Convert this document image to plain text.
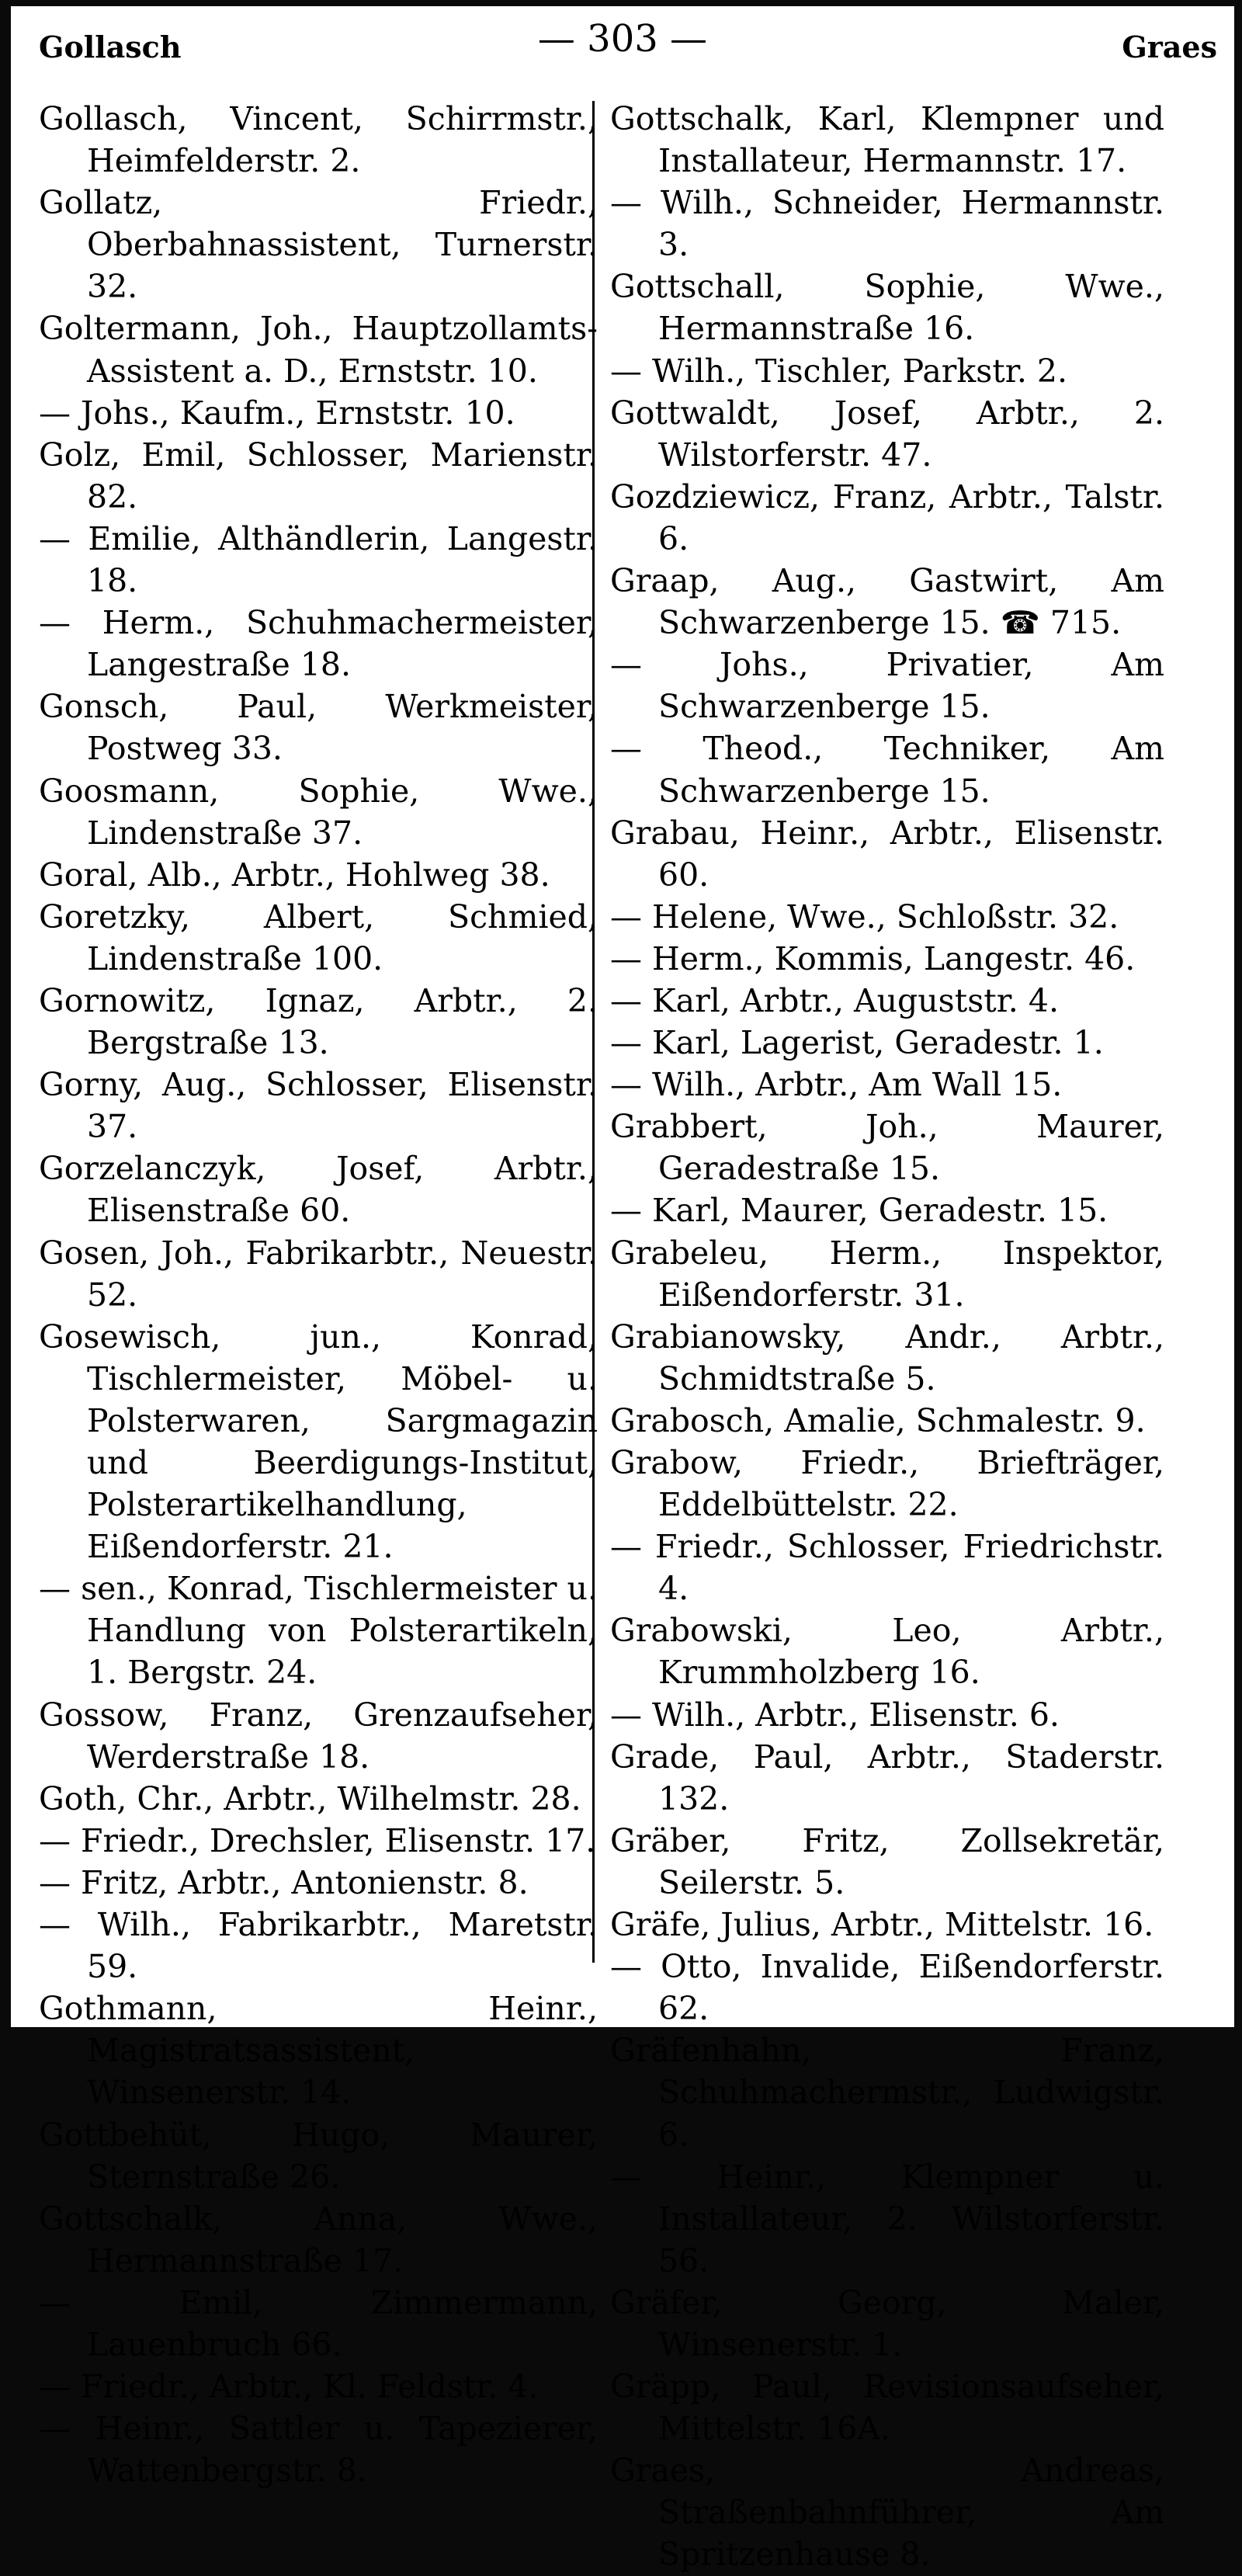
Gollasch	— 303 —	Graes

Gollasch, Vincent, Schirrmstr., Heimfelderstr. 2.

Gollatz, Friedr., Oberbahnassistent, Turnerstr. 32.

Goltermann, Joh., Hauptzollamts-Assistent a. D., Ernststr. 10.

— Johs., Kaufm., Ernststr. 10.

Golz, Emil, Schlosser, Marienstr. 82.

— Emilie, Althändlerin, Langestr. 18.

— Herm., Schuhmachermeister, Langestraße 18.

Gonsch, Paul, Werkmeister, Postweg 33.

Goosmann, Sophie, Wwe., Lindenstraße 37.

Goral, Alb., Arbtr., Hohlweg 38.

Goretzky, Albert, Schmied, Lindenstraße 100.

Gornowitz, Ignaz, Arbtr., 2. Bergstraße 13.

Gorny, Aug., Schlosser, Elisenstr. 37.

Gorzelanczyk, Josef, Arbtr., Elisenstraße 60.

Gosen, Joh., Fabrikarbtr., Neuestr. 52.

Gosewisch, jun., Konrad, Tischlermeister, Möbel- u. Polsterwaren, Sargmagazin und Beerdigungs-Institut, Polsterartikelhandlung, Eißendorferstr. 21.

— sen., Konrad, Tischlermeister u. Handlung von Polsterartikeln, 1. Bergstr. 24.

Gossow, Franz, Grenzaufseher, Werderstraße 18.

Goth, Chr., Arbtr., Wilhelmstr. 28.

— Friedr., Drechsler, Elisenstr. 17.

— Fritz, Arbtr., Antonienstr. 8.

— Wilh., Fabrikarbtr., Maretstr. 59.

Gothmann, Heinr., Magistratsassistent, Winsenerstr. 14.

Gottbehüt, Hugo, Maurer, Sternstraße 26.

Gottschalk, Anna, Wwe., Hermannstraße 17.

— Emil, Zimmermann, Lauenbruch 66.

— Friedr., Arbtr., Kl. Feldstr. 4.

— Heinr., Sattler u. Tapezierer, Wattenbergstr. 8.

Gottschalk, Karl, Klempner und Installateur, Hermannstr. 17.

— Wilh., Schneider, Hermannstr. 3.

Gottschall, Sophie, Wwe., Hermannstraße 16.

— Wilh., Tischler, Parkstr. 2.

Gottwaldt, Josef, Arbtr., 2. Wilstorferstr. 47.

Gozdziewicz, Franz, Arbtr., Talstr. 6.

Graap, Aug., Gastwirt, Am Schwarzenberge 15. ☎ 715.

— Johs., Privatier, Am Schwarzenberge 15.

— Theod., Techniker, Am Schwarzenberge 15.

Grabau, Heinr., Arbtr., Elisenstr. 60.

— Helene, Wwe., Schloßstr. 32.

— Herm., Kommis, Langestr. 46.

— Karl, Arbtr., Auguststr. 4.

— Karl, Lagerist, Geradestr. 1.

— Wilh., Arbtr., Am Wall 15.

Grabbert, Joh., Maurer, Geradestraße 15.

— Karl, Maurer, Geradestr. 15.

Grabeleu, Herm., Inspektor, Eißendorferstr. 31.

Grabianowsky, Andr., Arbtr., Schmidtstraße 5.

Grabosch, Amalie, Schmalestr. 9.

Grabow, Friedr., Briefträger, Eddelbüttelstr. 22.

— Friedr., Schlosser, Friedrichstr. 4.

Grabowski, Leo, Arbtr., Krummholzberg 16.

— Wilh., Arbtr., Elisenstr. 6.

Grade, Paul, Arbtr., Staderstr. 132.

Gräber, Fritz, Zollsekretär, Seilerstr. 5.

Gräfe, Julius, Arbtr., Mittelstr. 16.

— Otto, Invalide, Eißendorferstr. 62.

Gräfenhahn, Franz, Schuhmachermstr., Ludwigstr. 6.

— Heinr., Klempner u. Installateur, 2. Wilstorferstr. 56.

Gräfer, Georg, Maler, Winsenerstr. 1.

Gräpp, Paul, Revisionsaufseher, Mittelstr. 16A.

Graes, Andreas, Straßenbahnführer, Am Spritzenhause 8.
